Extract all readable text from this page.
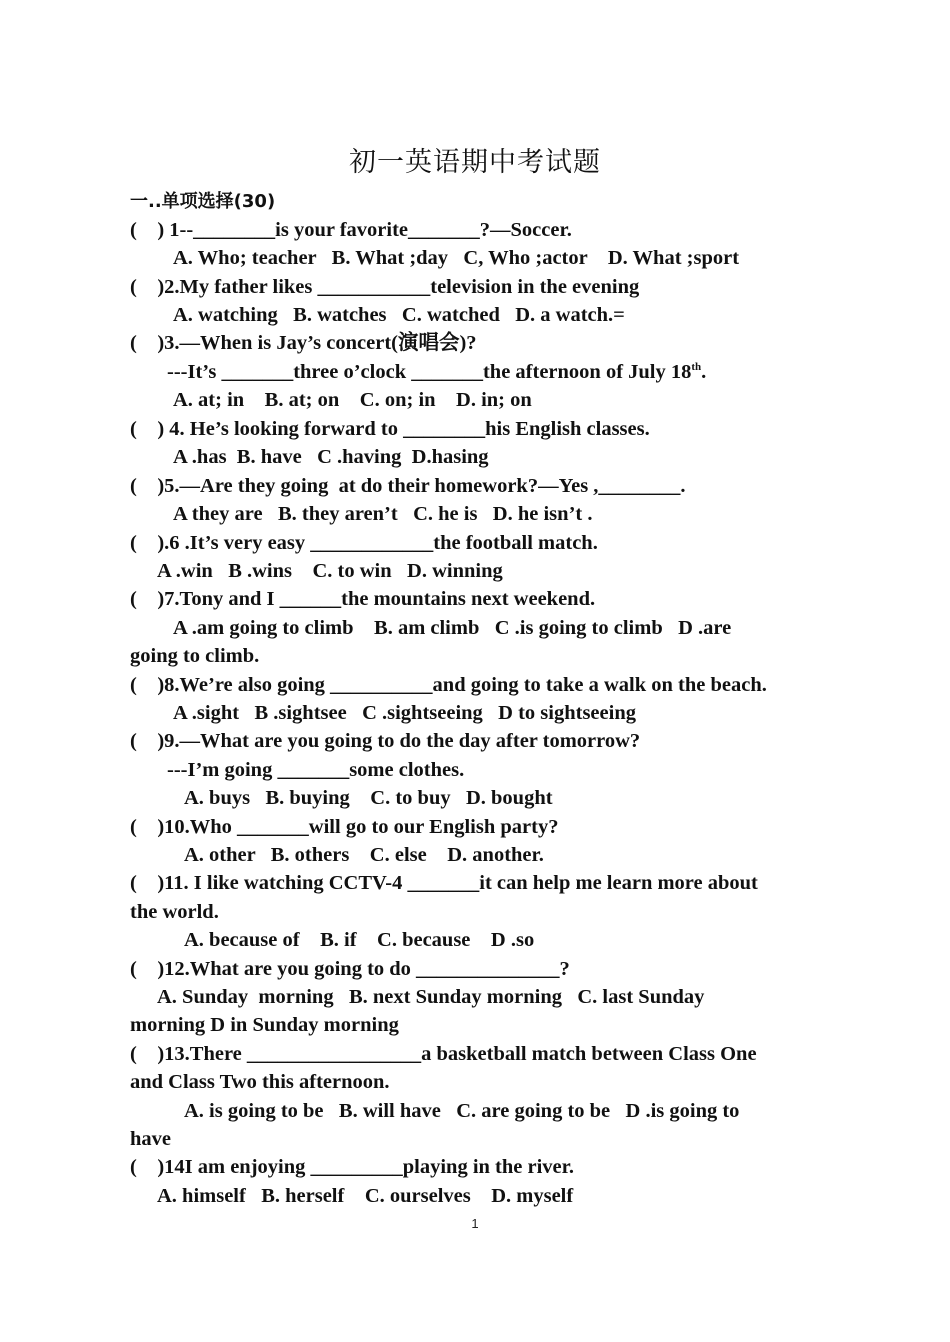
初一英语期中考试题
一..单项选择(30)
(    ) 1--________is your favorite_______?—Soccer.
A. Who; teacher   B. What ;day   C, Who ;actor    D. What ;sport
(    )2.My father likes ___________television in the evening
A. watching   B. watches   C. watched   D. a watch.=
(    )3.—When is Jay’s concert(演唱会)?
---It’s _______three o’clock _______the afternoon of July 18th.
A. at; in    B. at; on    C. on; in    D. in; on
(    ) 4. He’s looking forward to ________his English classes.
A .has  B. have   C .having  D.hasing
(    )5.—Are they going  at do their homework?—Yes ,________.
A they are   B. they aren’t   C. he is   D. he isn’t .
(    ).6 .It’s very easy ____________the football match.
A .win   B .wins    C. to win   D. winning
(    )7.Tony and I ______the mountains next weekend.
A .am going to climb    B. am climb   C .is going to climb   D .are
going to climb.
(    )8.We’re also going __________and going to take a walk on the beach.
A .sight   B .sightsee   C .sightseeing   D to sightseeing
(    )9.—What are you going to do the day after tomorrow?
---I’m going _______some clothes.
A. buys   B. buying    C. to buy   D. bought
(    )10.Who _______will go to our English party?
A. other   B. others    C. else    D. another.
(    )11. I like watching CCTV-4 _______it can help me learn more about
the world.
A. because of    B. if    C. because    D .so
(    )12.What are you going to do ______________?
A. Sunday  morning   B. next Sunday morning   C. last Sunday
morning D in Sunday morning
(    )13.There _________________a basketball match between Class One
and Class Two this afternoon.
A. is going to be   B. will have   C. are going to be   D .is going to
have
(    )14I am enjoying _________playing in the river.
A. himself   B. herself    C. ourselves    D. myself
1
